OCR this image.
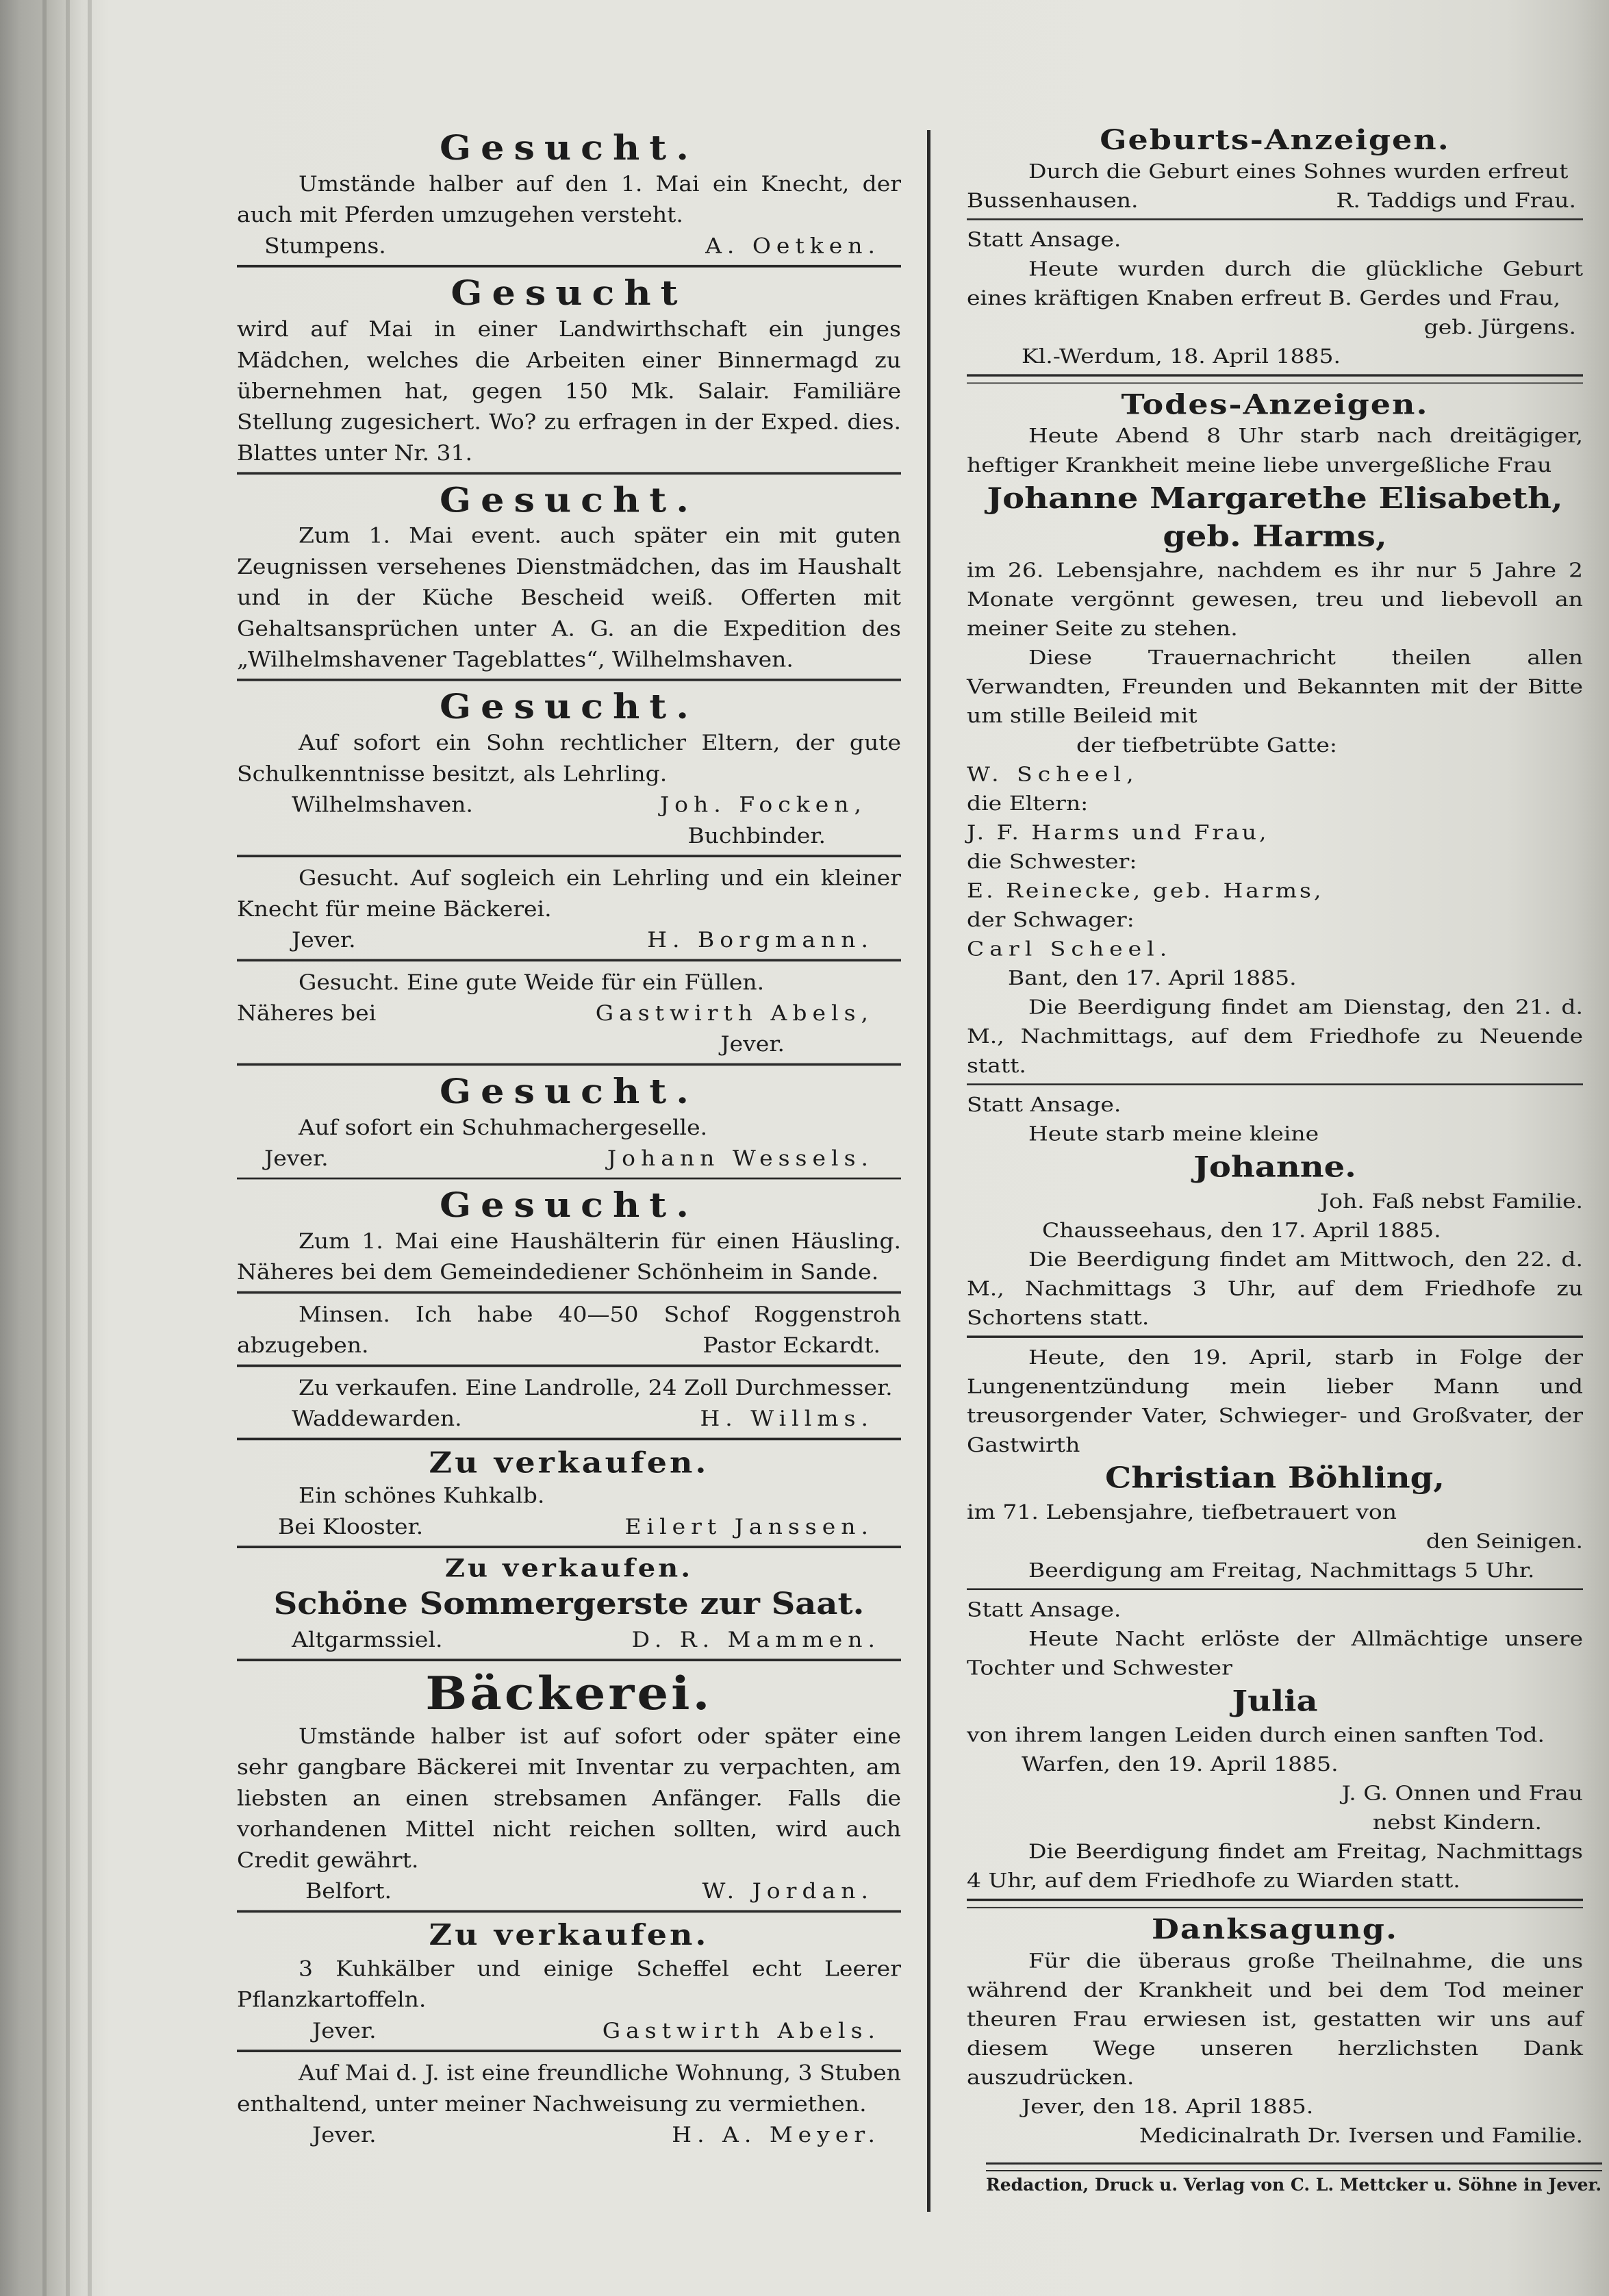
Gesucht.
Umstände halber auf den 1. Mai ein Knecht, der auch mit Pferden umzugehen versteht.
Stumpens.	A. Oetken.
Gesucht
wird auf Mai in einer Landwirthschaft ein junges Mädchen, welches die Arbeiten einer Binnermagd zu übernehmen hat, gegen 150 Mk. Salair. Familiäre Stellung zugesichert. Wo? zu erfragen in der Exped. dies. Blattes unter Nr. 31.
Gesucht.
Zum 1. Mai event. auch später ein mit guten Zeugnissen versehenes Dienstmädchen, das im Haushalt und in der Küche Bescheid weiß. Offerten mit Gehaltsansprüchen unter A. G. an die Expedition des „Wilhelmshavener Tageblattes“, Wilhelmshaven.
Gesucht.
Auf sofort ein Sohn rechtlicher Eltern, der gute Schulkenntnisse besitzt, als Lehrling.
Wilhelmshaven.	Joh. Focken,
Buchbinder.
Gesucht. Auf sogleich ein Lehrling und ein kleiner Knecht für meine Bäckerei.
Jever.	H. Borgmann.
Gesucht. Eine gute Weide für ein Füllen.
Näheres bei	Gastwirth Abels,
Jever.
Gesucht.
Auf sofort ein Schuhmachergeselle.
Jever.	Johann Wessels.
Gesucht.
Zum 1. Mai eine Haushälterin für einen Häusling. Näheres bei dem Gemeindediener Schönheim in Sande.
Minsen. Ich habe 40—50 Schof Roggenstroh abzugeben.	Pastor Eckardt.
Zu verkaufen. Eine Landrolle, 24 Zoll Durchmesser.
Waddewarden.	H. Willms.
Zu verkaufen.
Ein schönes Kuhkalb.
Bei Klooster.	Eilert Janssen.
Zu verkaufen.
Schöne Sommergerste zur Saat.
Altgarmssiel.	D. R. Mammen.
Bäckerei.
Umstände halber ist auf sofort oder später eine sehr gangbare Bäckerei mit Inventar zu verpachten, am liebsten an einen strebsamen Anfänger. Falls die vorhandenen Mittel nicht reichen sollten, wird auch Credit gewährt.
Belfort.	W. Jordan.
Zu verkaufen.
3 Kuhkälber und einige Scheffel echt Leerer Pflanzkartoffeln.
Jever.	Gastwirth Abels.
Auf Mai d. J. ist eine freundliche Wohnung, 3 Stuben enthaltend, unter meiner Nachweisung zu vermiethen.
Jever.	H. A. Meyer.
Geburts-Anzeigen.
Durch die Geburt eines Sohnes wurden erfreut
Bussenhausen.	R. Taddigs und Frau.
Statt Ansage.
Heute wurden durch die glückliche Geburt eines kräftigen Knaben erfreut B. Gerdes und Frau,
geb. Jürgens.
Kl.-Werdum, 18. April 1885.
Todes-Anzeigen.
Heute Abend 8 Uhr starb nach dreitägiger, heftiger Krankheit meine liebe unvergeßliche Frau
Johanne Margarethe Elisabeth,
geb. Harms,
im 26. Lebensjahre, nachdem es ihr nur 5 Jahre 2 Monate vergönnt gewesen, treu und liebevoll an meiner Seite zu stehen.
Diese Trauernachricht theilen allen Verwandten, Freunden und Bekannten mit der Bitte um stille Beileid mit
der tiefbetrübte Gatte:
W. Scheel,
die Eltern:
J. F. Harms und Frau,
die Schwester:
E. Reinecke, geb. Harms,
der Schwager:
Carl Scheel.
Bant, den 17. April 1885.
Die Beerdigung findet am Dienstag, den 21. d. M., Nachmittags, auf dem Friedhofe zu Neuende statt.
Statt Ansage.
Heute starb meine kleine
Johanne.
Joh. Faß nebst Familie.
Chausseehaus, den 17. April 1885.
Die Beerdigung findet am Mittwoch, den 22. d. M., Nachmittags 3 Uhr, auf dem Friedhofe zu Schortens statt.
Heute, den 19. April, starb in Folge der Lungenentzündung mein lieber Mann und treusorgender Vater, Schwieger- und Großvater, der Gastwirth
Christian Böhling,
im 71. Lebensjahre, tiefbetrauert von
den Seinigen.
Beerdigung am Freitag, Nachmittags 5 Uhr.
Statt Ansage.
Heute Nacht erlöste der Allmächtige unsere Tochter und Schwester
Julia
von ihrem langen Leiden durch einen sanften Tod.
Warfen, den 19. April 1885.
J. G. Onnen und Frau
nebst Kindern.
Die Beerdigung findet am Freitag, Nachmittags 4 Uhr, auf dem Friedhofe zu Wiarden statt.
Danksagung.
Für die überaus große Theilnahme, die uns während der Krankheit und bei dem Tod meiner theuren Frau erwiesen ist, gestatten wir uns auf diesem Wege unseren herzlichsten Dank auszudrücken.
Jever, den 18. April 1885.
Medicinalrath Dr. Iversen und Familie.
Redaction, Druck u. Verlag von C. L. Mettcker u. Söhne in Jever.
